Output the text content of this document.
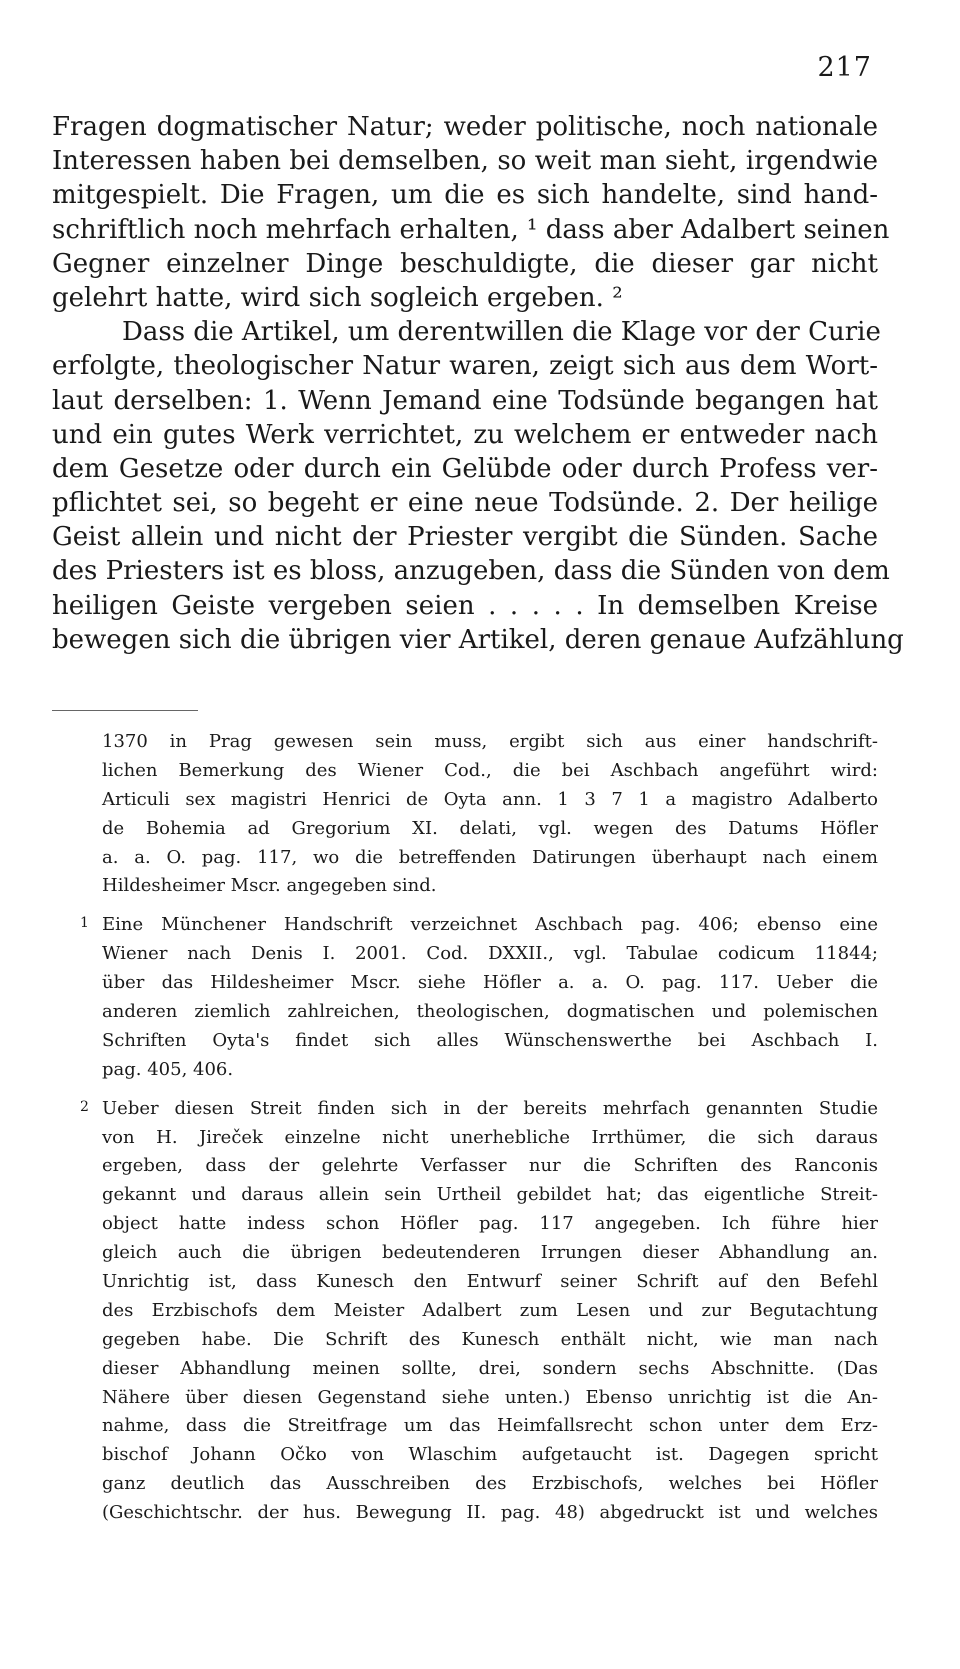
217
Fragen dogmatischer Natur; weder politische, noch nationale
Interessen haben bei demselben, so weit man sieht, irgendwie
mitgespielt. Die Fragen, um die es sich handelte, sind hand-
schriftlich noch mehrfach erhalten, ¹ dass aber Adalbert seinen
Gegner einzelner Dinge beschuldigte, die dieser gar nicht
gelehrt hatte, wird sich sogleich ergeben. ²
Dass die Artikel, um derentwillen die Klage vor der Curie
erfolgte, theologischer Natur waren, zeigt sich aus dem Wort-
laut derselben: 1. Wenn Jemand eine Todsünde begangen hat
und ein gutes Werk verrichtet, zu welchem er entweder nach
dem Gesetze oder durch ein Gelübde oder durch Profess ver-
pflichtet sei, so begeht er eine neue Todsünde. 2. Der heilige
Geist allein und nicht der Priester vergibt die Sünden. Sache
des Priesters ist es bloss, anzugeben, dass die Sünden von dem
heiligen Geiste vergeben seien . . . . . In demselben Kreise
bewegen sich die übrigen vier Artikel, deren genaue Aufzählung
1370 in Prag gewesen sein muss, ergibt sich aus einer handschrift-
lichen Bemerkung des Wiener Cod., die bei Aschbach angeführt wird:
Articuli sex magistri Henrici de Oyta ann. 1 3 7 1 a magistro Adalberto
de Bohemia ad Gregorium XI. delati, vgl. wegen des Datums Höfler
a. a. O. pag. 117, wo die betreffenden Datirungen überhaupt nach einem
Hildesheimer Mscr. angegeben sind.
1 Eine Münchener Handschrift verzeichnet Aschbach pag. 406; ebenso eine
Wiener nach Denis I. 2001. Cod. DXXII., vgl. Tabulae codicum 11844;
über das Hildesheimer Mscr. siehe Höfler a. a. O. pag. 117. Ueber die
anderen ziemlich zahlreichen, theologischen, dogmatischen und polemischen
Schriften Oyta's findet sich alles Wünschenswerthe bei Aschbach I.
pag. 405, 406.
2 Ueber diesen Streit finden sich in der bereits mehrfach genannten Studie
von H. Jireček einzelne nicht unerhebliche Irrthümer, die sich daraus
ergeben, dass der gelehrte Verfasser nur die Schriften des Ranconis
gekannt und daraus allein sein Urtheil gebildet hat; das eigentliche Streit-
object hatte indess schon Höfler pag. 117 angegeben. Ich führe hier
gleich auch die übrigen bedeutenderen Irrungen dieser Abhandlung an.
Unrichtig ist, dass Kunesch den Entwurf seiner Schrift auf den Befehl
des Erzbischofs dem Meister Adalbert zum Lesen und zur Begutachtung
gegeben habe. Die Schrift des Kunesch enthält nicht, wie man nach
dieser Abhandlung meinen sollte, drei, sondern sechs Abschnitte. (Das
Nähere über diesen Gegenstand siehe unten.) Ebenso unrichtig ist die An-
nahme, dass die Streitfrage um das Heimfallsrecht schon unter dem Erz-
bischof Johann Očko von Wlaschim aufgetaucht ist. Dagegen spricht
ganz deutlich das Ausschreiben des Erzbischofs, welches bei Höfler
(Geschichtschr. der hus. Bewegung II. pag. 48) abgedruckt ist und welches
